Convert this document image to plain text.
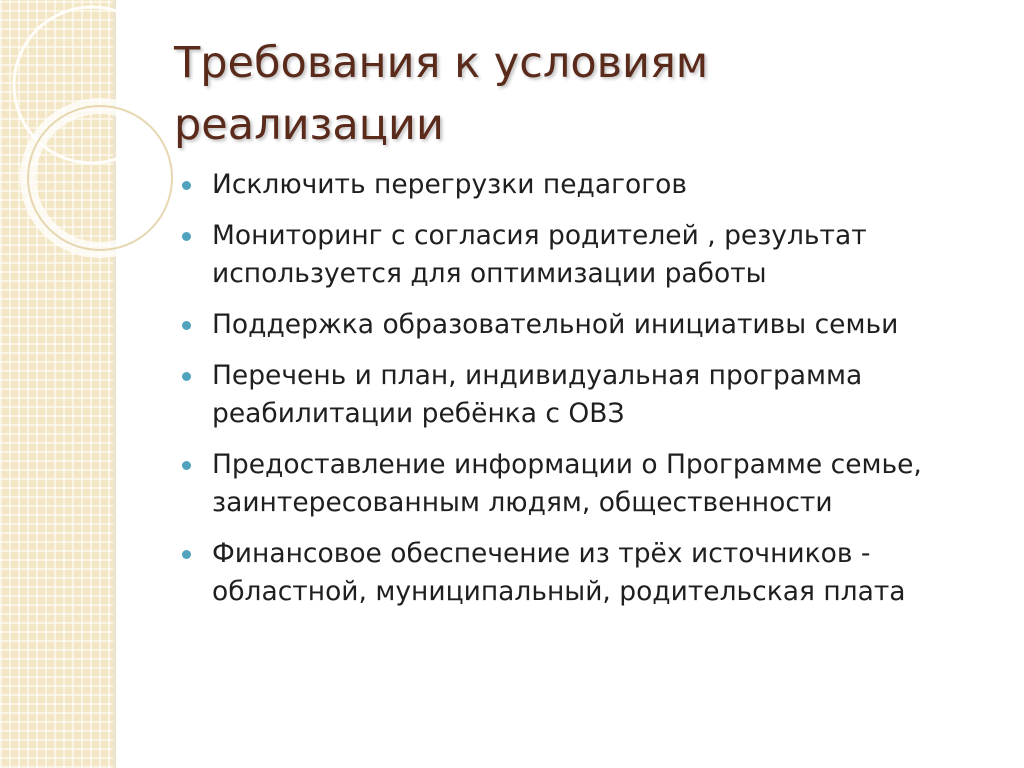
Требования к условиям реализации
Исключить перегрузки педагогов
Мониторинг с согласия родителей , результат используется для оптимизации работы
Поддержка образовательной инициативы семьи
Перечень и план, индивидуальная программа реабилитации ребёнка с ОВЗ
Предоставление информации о Программе семье, заинтересованным людям, общественности
Финансовое обеспечение из трёх источников - областной, муниципальный, родительская плата
